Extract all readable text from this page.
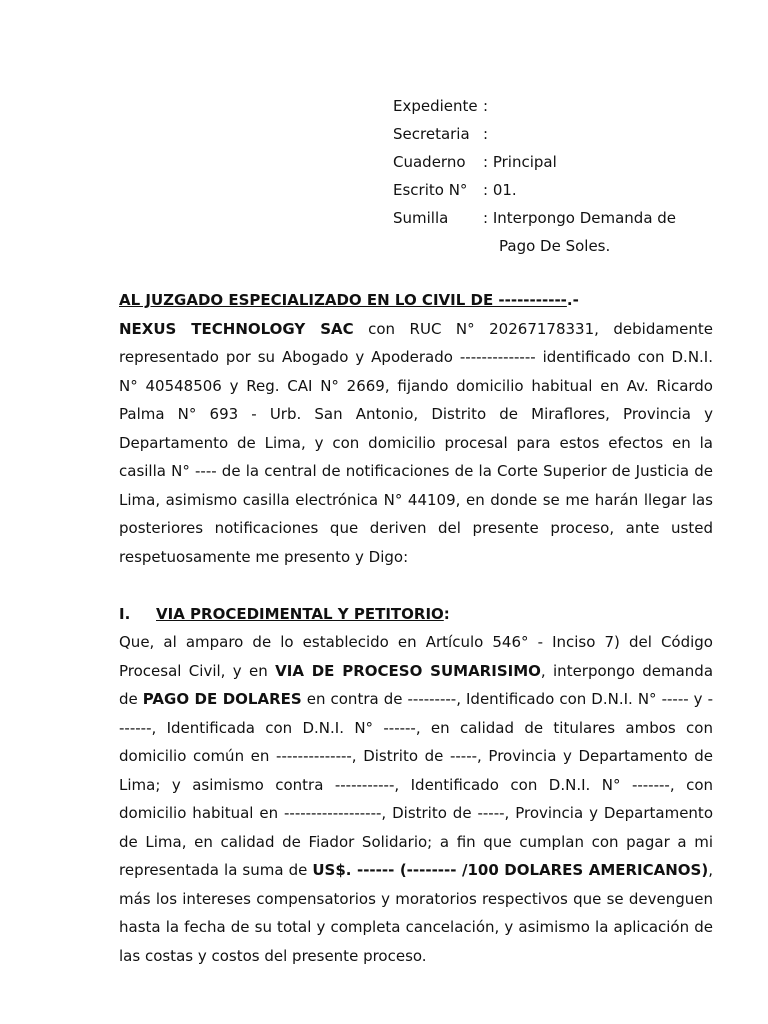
Expediente :
Secretaria :
Cuaderno	: Principal
Escrito N°	: 01.
Sumilla	: Interpongo Demanda de
Pago De Soles.

AL JUZGADO ESPECIALIZADO EN LO CIVIL DE -----------.-

NEXUS TECHNOLOGY SAC con RUC N° 20267178331, debidamente representado por su Abogado y Apoderado -------------- identificado con D.N.I. N° 40548506 y Reg. CAI N° 2669, fijando domicilio habitual en Av. Ricardo Palma N° 693 - Urb. San Antonio, Distrito de Miraflores, Provincia y Departamento de Lima, y con domicilio procesal para estos efectos en la casilla N° ---- de la central de notificaciones de la Corte Superior de Justicia de Lima, asimismo casilla electrónica N° 44109, en donde se me harán llegar las posteriores notificaciones que deriven del presente proceso, ante usted respetuosamente me presento y Digo:

I.	VIA PROCEDIMENTAL Y PETITORIO :

Que, al amparo de lo establecido en Artículo 546° - Inciso 7) del Código Procesal Civil, y en VIA DE PROCESO SUMARISIMO, interpongo demanda de PAGO DE DOLARES en contra de ---------, Identificado con D.N.I. N° ----- y -------, Identificada con D.N.I. N° ------, en calidad de titulares ambos con domicilio común en --------------, Distrito de -----, Provincia y Departamento de Lima; y asimismo contra -----------, Identificado con D.N.I. N° -------, con domicilio habitual en ------------------, Distrito de -----, Provincia y Departamento de Lima, en calidad de Fiador Solidario; a fin que cumplan con pagar a mi representada la suma de US$. ------ (-------- /100 DOLARES AMERICANOS), más los intereses compensatorios y moratorios respectivos que se devenguen hasta la fecha de su total y completa cancelación, y asimismo la aplicación de las costas y costos del presente proceso.
